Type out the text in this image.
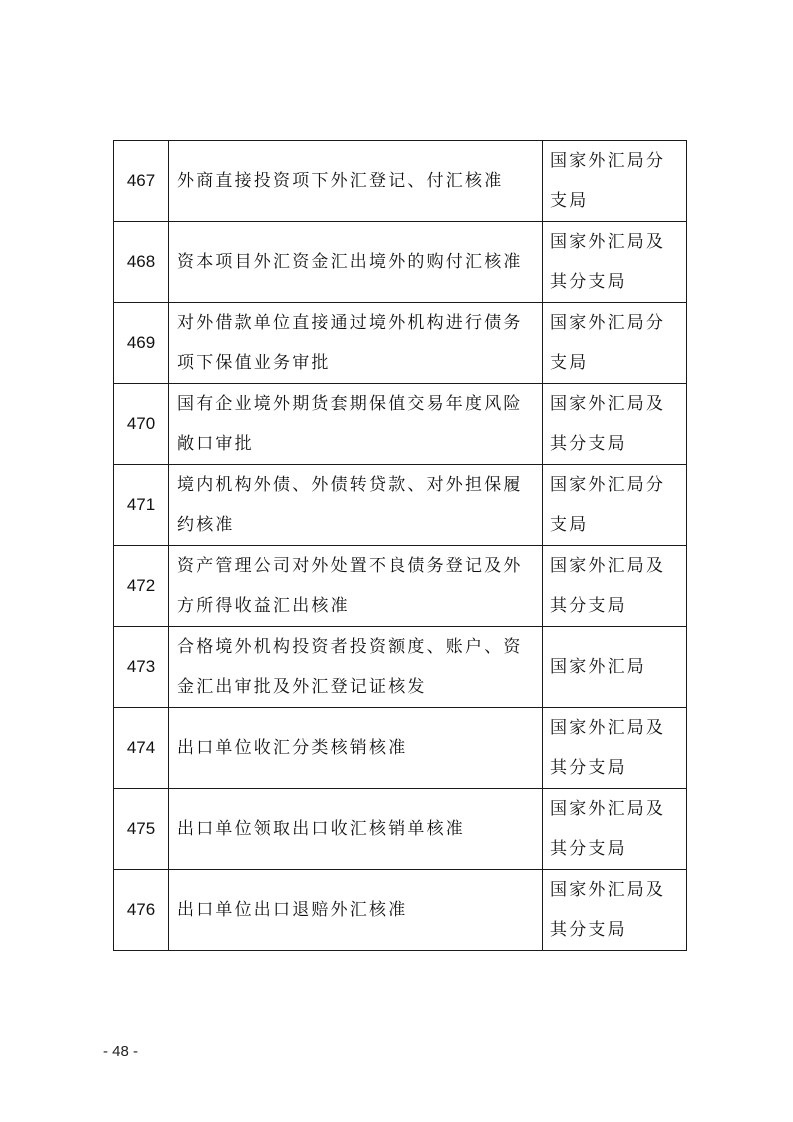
467	外商直接投资项下外汇登记、付汇核准	国家外汇局分支局
468	资本项目外汇资金汇出境外的购付汇核准	国家外汇局及其分支局
469	对外借款单位直接通过境外机构进行债务项下保值业务审批	国家外汇局分支局
470	国有企业境外期货套期保值交易年度风险敞口审批	国家外汇局及其分支局
471	境内机构外债、外债转贷款、对外担保履约核准	国家外汇局分支局
472	资产管理公司对外处置不良债务登记及外方所得收益汇出核准	国家外汇局及其分支局
473	合格境外机构投资者投资额度、账户、资金汇出审批及外汇登记证核发	国家外汇局
474	出口单位收汇分类核销核准	国家外汇局及其分支局
475	出口单位领取出口收汇核销单核准	国家外汇局及其分支局
476	出口单位出口退赔外汇核准	国家外汇局及其分支局
- 48 -
